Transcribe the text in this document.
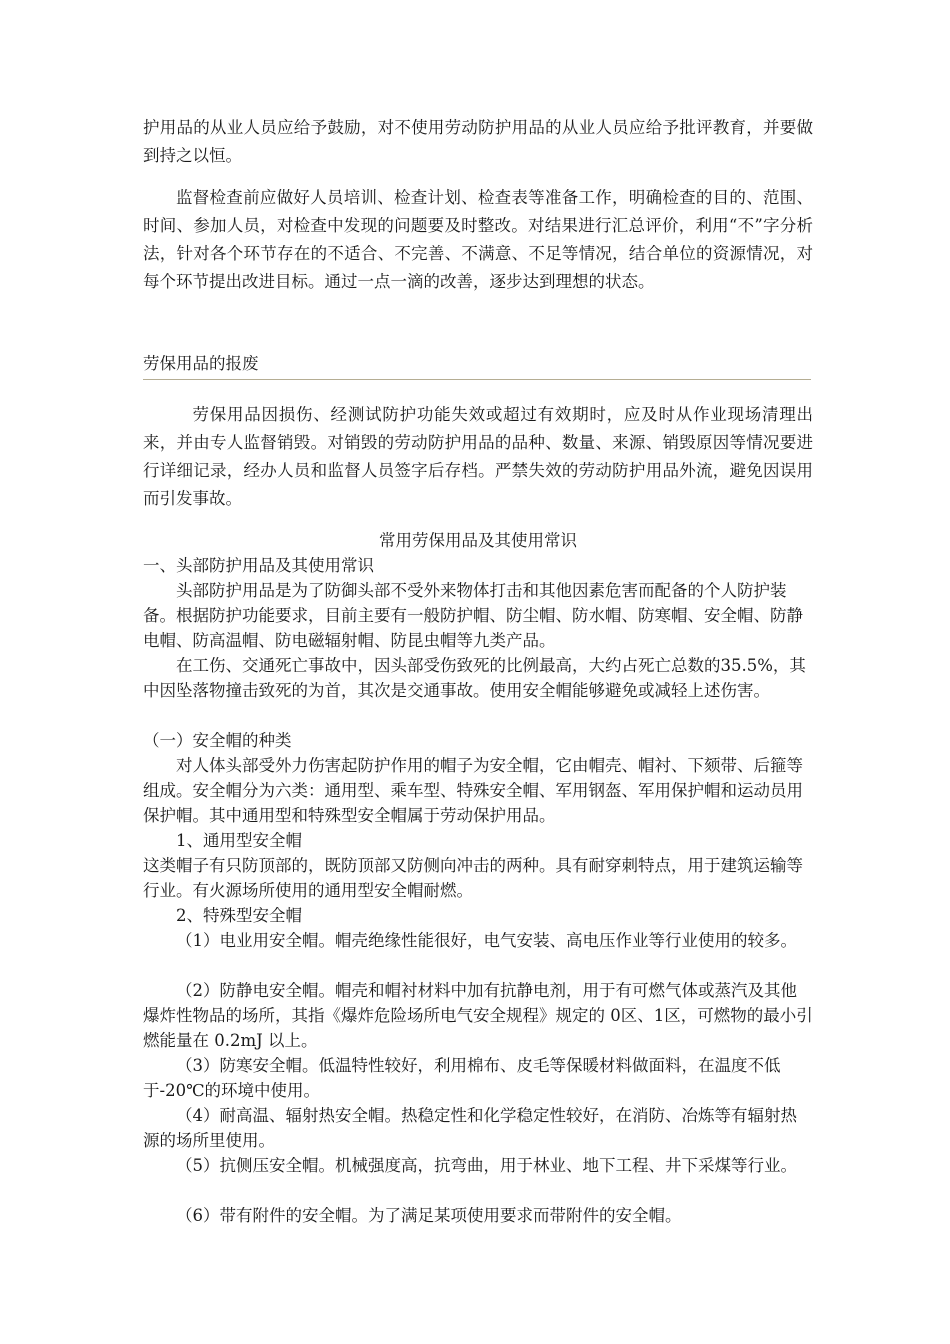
护用品的从业人员应给予鼓励，对不使用劳动防护用品的从业人员应给予批评教育，并要做到持之以恒。

监督检查前应做好人员培训、检查计划、检查表等准备工作，明确检查的目的、范围、时间、参加人员，对检查中发现的问题要及时整改。对结果进行汇总评价，利用“不”字分析法，针对各个环节存在的不适合、不完善、不满意、不足等情况，结合单位的资源情况，对每个环节提出改进目标。通过一点一滴的改善，逐步达到理想的状态。

劳保用品的报废

劳保用品因损伤、经测试防护功能失效或超过有效期时，应及时从作业现场清理出来，并由专人监督销毁。对销毁的劳动防护用品的品种、数量、来源、销毁原因等情况要进行详细记录，经办人员和监督人员签字后存档。严禁失效的劳动防护用品外流，避免因误用而引发事故。

常用劳保用品及其使用常识

一、头部防护用品及其使用常识

头部防护用品是为了防御头部不受外来物体打击和其他因素危害而配备的个人防护装备。根据防护功能要求，目前主要有一般防护帽、防尘帽、防水帽、防寒帽、安全帽、防静电帽、防高温帽、防电磁辐射帽、防昆虫帽等九类产品。

在工伤、交通死亡事故中，因头部受伤致死的比例最高，大约占死亡总数的35.5%，其中因坠落物撞击致死的为首，其次是交通事故。使用安全帽能够避免或减轻上述伤害。

（一）安全帽的种类

对人体头部受外力伤害起防护作用的帽子为安全帽，它由帽壳、帽衬、下颏带、后箍等组成。安全帽分为六类：通用型、乘车型、特殊安全帽、军用钢盔、军用保护帽和运动员用保护帽。其中通用型和特殊型安全帽属于劳动保护用品。

1、通用型安全帽

这类帽子有只防顶部的，既防顶部又防侧向冲击的两种。具有耐穿刺特点，用于建筑运输等行业。有火源场所使用的通用型安全帽耐燃。

2、特殊型安全帽

（1）电业用安全帽。帽壳绝缘性能很好，电气安装、高电压作业等行业使用的较多。

（2）防静电安全帽。帽壳和帽衬材料中加有抗静电剂，用于有可燃气体或蒸汽及其他爆炸性物品的场所，其指《爆炸危险场所电气安全规程》规定的 0区、1区，可燃物的最小引燃能量在 0.2mJ 以上。

（3）防寒安全帽。低温特性较好，利用棉布、皮毛等保暖材料做面料，在温度不低于-20℃的环境中使用。

（4）耐高温、辐射热安全帽。热稳定性和化学稳定性较好，在消防、冶炼等有辐射热源的场所里使用。

（5）抗侧压安全帽。机械强度高，抗弯曲，用于林业、地下工程、井下采煤等行业。

（6）带有附件的安全帽。为了满足某项使用要求而带附件的安全帽。
